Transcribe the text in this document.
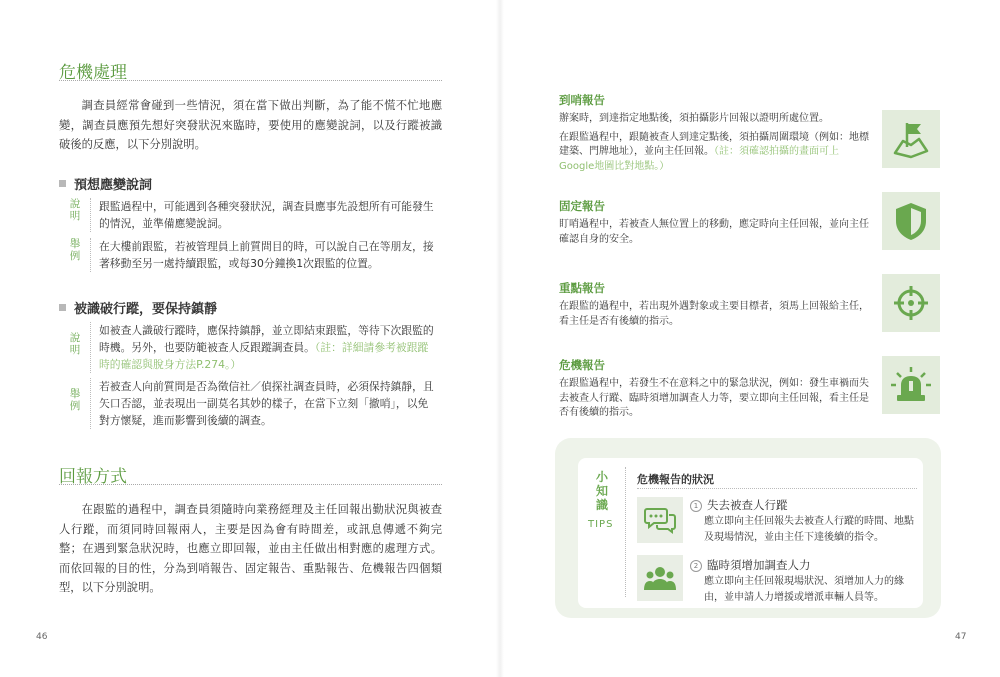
危機處理

調查員經常會碰到一些情況，須在當下做出判斷，為了能不慌不忙地應變，調查員應預先想好突發狀況來臨時，要使用的應變說詞，以及行蹤被識破後的反應，以下分別說明。

預想應變說詞
說明
跟監過程中，可能遇到各種突發狀況，調查員應事先設想所有可能發生的情況，並準備應變說詞。
舉例
在大樓前跟監，若被管理員上前質問目的時，可以說自己在等朋友，接著移動至另一處持續跟監，或每30分鐘換1次跟監的位置。
被識破行蹤，要保持鎮靜
說明
如被查人識破行蹤時，應保持鎮靜，並立即結束跟監，等待下次跟監的時機。另外，也要防範被查人反跟蹤調查員。（註：詳細請參考被跟蹤時的確認與脫身方法P.274。）
舉例
若被查人向前質問是否為徵信社／偵探社調查員時，必須保持鎮靜，且矢口否認，並表現出一副莫名其妙的樣子，在當下立刻「撤哨」，以免對方懷疑，進而影響到後續的調查。
回報方式

在跟監的過程中，調查員須隨時向業務經理及主任回報出勤狀況與被查人行蹤，而須同時回報兩人，主要是因為會有時間差，或訊息傳遞不夠完整；在遇到緊急狀況時，也應立即回報，並由主任做出相對應的處理方式。而依回報的目的性，分為到哨報告、固定報告、重點報告、危機報告四個類型，以下分別說明。

46
到哨報告
辦案時，到達指定地點後，須拍攝影片回報以證明所處位置。
在跟監過程中，跟隨被查人到達定點後，須拍攝周圍環境（例如：地標建築、門牌地址），並向主任回報。（註：須確認拍攝的畫面可上Google地圖比對地點。）
固定報告
盯哨過程中，若被查人無位置上的移動，應定時向主任回報，並向主任確認自身的安全。
重點報告
在跟監的過程中，若出現外遇對象或主要目標者，須馬上回報給主任，看主任是否有後續的指示。
危機報告
在跟監過程中，若發生不在意料之中的緊急狀況，例如：發生車禍而失去被查人行蹤、臨時須增加調查人力等，要立即向主任回報，看主任是否有後續的指示。
小知識
TIPS
危機報告的狀況
1 失去被查人行蹤
應立即向主任回報失去被查人行蹤的時間、地點及現場情況，並由主任下達後續的指令。
2 臨時須增加調查人力
應立即向主任回報現場狀況、須增加人力的緣由，並申請人力增援或增派車輛人員等。
47
